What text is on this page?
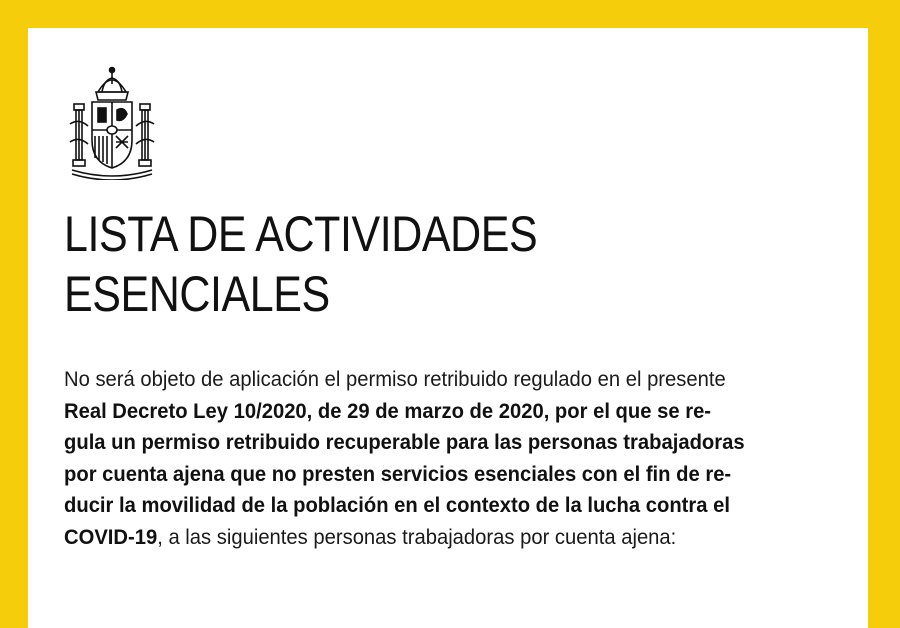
LISTA DE ACTIVIDADES
ESENCIALES

No será objeto de aplicación el permiso retribuido regulado en el presente
Real Decreto Ley 10/2020, de 29 de marzo de 2020, por el que se re-
gula un permiso retribuido recuperable para las personas trabajadoras
por cuenta ajena que no presten servicios esenciales con el fin de re-
ducir la movilidad de la población en el contexto de la lucha contra el
COVID-19, a las siguientes personas trabajadoras por cuenta ajena:
